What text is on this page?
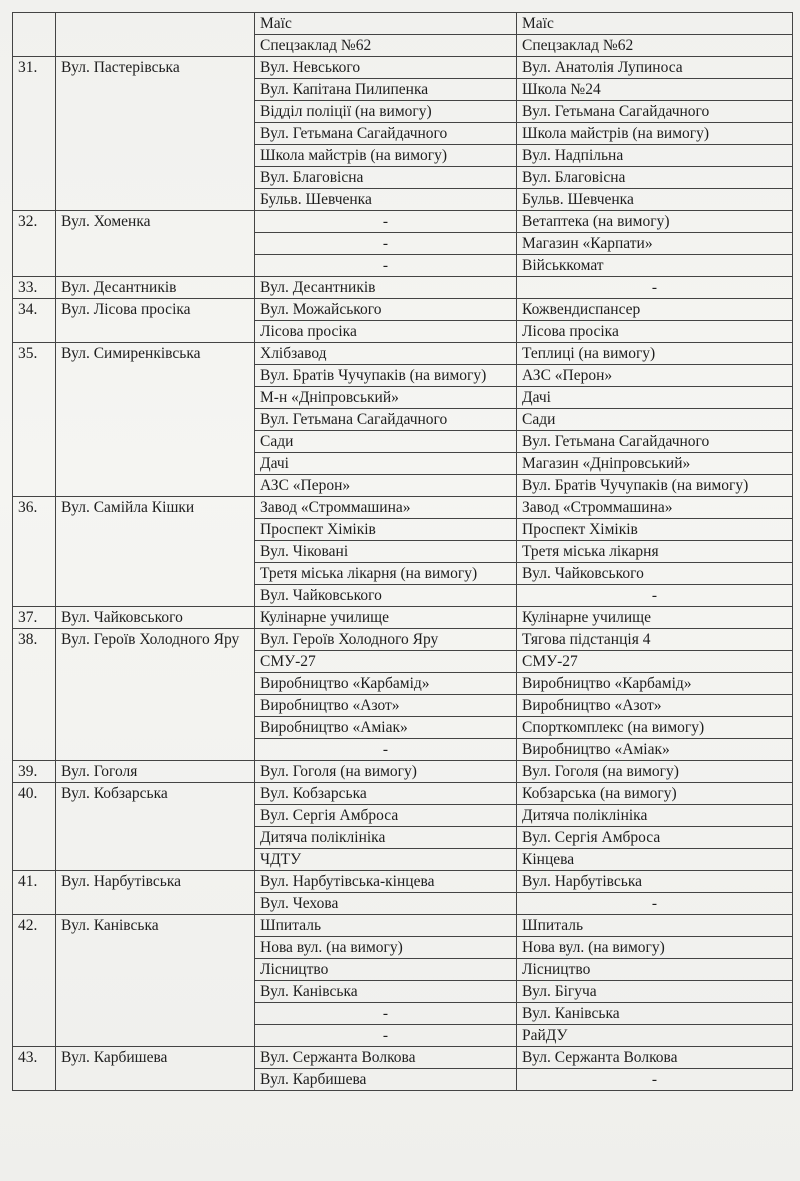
		Маїс	Маїс
		Спецзаклад №62	Спецзаклад №62
31.	Вул. Пастерівська	Вул. Невського	Вул. Анатолія Лупиноса
		Вул. Капітана Пилипенка	Школа №24
		Відділ поліції (на вимогу)	Вул. Гетьмана Сагайдачного
		Вул. Гетьмана Сагайдачного	Школа майстрів (на вимогу)
		Школа майстрів (на вимогу)	Вул. Надпільна
		Вул. Благовісна	Вул. Благовісна
		Бульв. Шевченка	Бульв. Шевченка
32.	Вул. Хоменка	-	Ветаптека (на вимогу)
		-	Магазин «Карпати»
		-	Військкомат
33.	Вул. Десантників	Вул. Десантників	-
34.	Вул. Лісова просіка	Вул. Можайського	Кожвендиспансер
		Лісова просіка	Лісова просіка
35.	Вул. Симиренківська	Хлібзавод	Теплиці (на вимогу)
		Вул. Братів Чучупаків (на вимогу)	АЗС «Перон»
		М-н «Дніпровський»	Дачі
		Вул. Гетьмана Сагайдачного	Сади
		Сади	Вул. Гетьмана Сагайдачного
		Дачі	Магазин «Дніпровський»
		АЗС «Перон»	Вул. Братів Чучупаків (на вимогу)
36.	Вул. Самійла Кішки	Завод «Строммашина»	Завод «Строммашина»
		Проспект Хіміків	Проспект Хіміків
		Вул. Чіковані	Третя міська лікарня
		Третя міська лікарня (на вимогу)	Вул. Чайковського
		Вул. Чайковського	-
37.	Вул. Чайковського	Кулінарне училище	Кулінарне училище
38.	Вул. Героїв Холодного Яру	Вул. Героїв Холодного Яру	Тягова підстанція 4
		СМУ-27	СМУ-27
		Виробництво «Карбамід»	Виробництво «Карбамід»
		Виробництво «Азот»	Виробництво «Азот»
		Виробництво «Аміак»	Спорткомплекс (на вимогу)
		-	Виробництво «Аміак»
39.	Вул. Гоголя	Вул. Гоголя (на вимогу)	Вул. Гоголя (на вимогу)
40.	Вул. Кобзарська	Вул. Кобзарська	Кобзарська (на вимогу)
		Вул. Сергія Амброса	Дитяча поліклініка
		Дитяча поліклініка	Вул. Сергія Амброса
		ЧДТУ	Кінцева
41.	Вул. Нарбутівська	Вул. Нарбутівська-кінцева	Вул. Нарбутівська
		Вул. Чехова	-
42.	Вул. Канівська	Шпиталь	Шпиталь
		Нова вул. (на вимогу)	Нова вул. (на вимогу)
		Лісництво	Лісництво
		Вул. Канівська	Вул. Бігуча
		-	Вул. Канівська
		-	РайДУ
43.	Вул. Карбишева	Вул. Сержанта Волкова	Вул. Сержанта Волкова
		Вул. Карбишева	-
